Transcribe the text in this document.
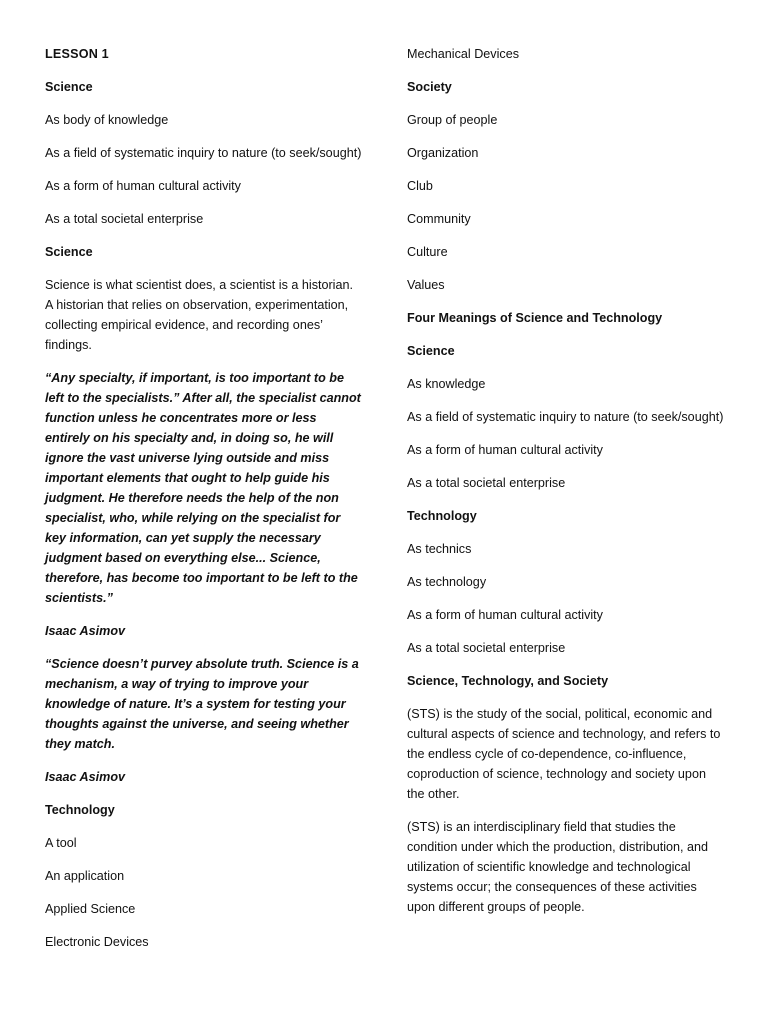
LESSON 1

Science

As body of knowledge

As a field of systematic inquiry to nature (to seek/sought)

As a form of human cultural activity

As a total societal enterprise

Science

Science is what scientist does, a scientist is a historian. A historian that relies on observation, experimentation, collecting empirical evidence, and recording ones’ findings.

“Any specialty, if important, is too important to be left to the specialists.” After all, the specialist cannot function unless he concentrates more or less entirely on his specialty and, in doing so, he will ignore the vast universe lying outside and miss important elements that ought to help guide his judgment. He therefore needs the help of the non specialist, who, while relying on the specialist for key information, can yet supply the necessary judgment based on everything else... Science, therefore, has become too important to be left to the scientists.”

Isaac Asimov

“Science doesn’t purvey absolute truth. Science is a mechanism, a way of trying to improve your knowledge of nature. It’s a system for testing your thoughts against the universe, and seeing whether they match.

Isaac Asimov

Technology

A tool

An application

Applied Science

Electronic Devices

Mechanical Devices

Society

Group of people

Organization

Club

Community

Culture

Values

Four Meanings of Science and Technology

Science

As knowledge

As a field of systematic inquiry to nature (to seek/sought)

As a form of human cultural activity

As a total societal enterprise

Technology

As technics

As technology

As a form of human cultural activity

As a total societal enterprise

Science, Technology, and Society

(STS) is the study of the social, political, economic and cultural aspects of science and technology, and refers to the endless cycle of co-dependence, co-influence, coproduction of science, technology and society upon the other.

(STS) is an interdisciplinary field that studies the condition under which the production, distribution, and utilization of scientific knowledge and technological systems occur; the consequences of these activities upon different groups of people.
